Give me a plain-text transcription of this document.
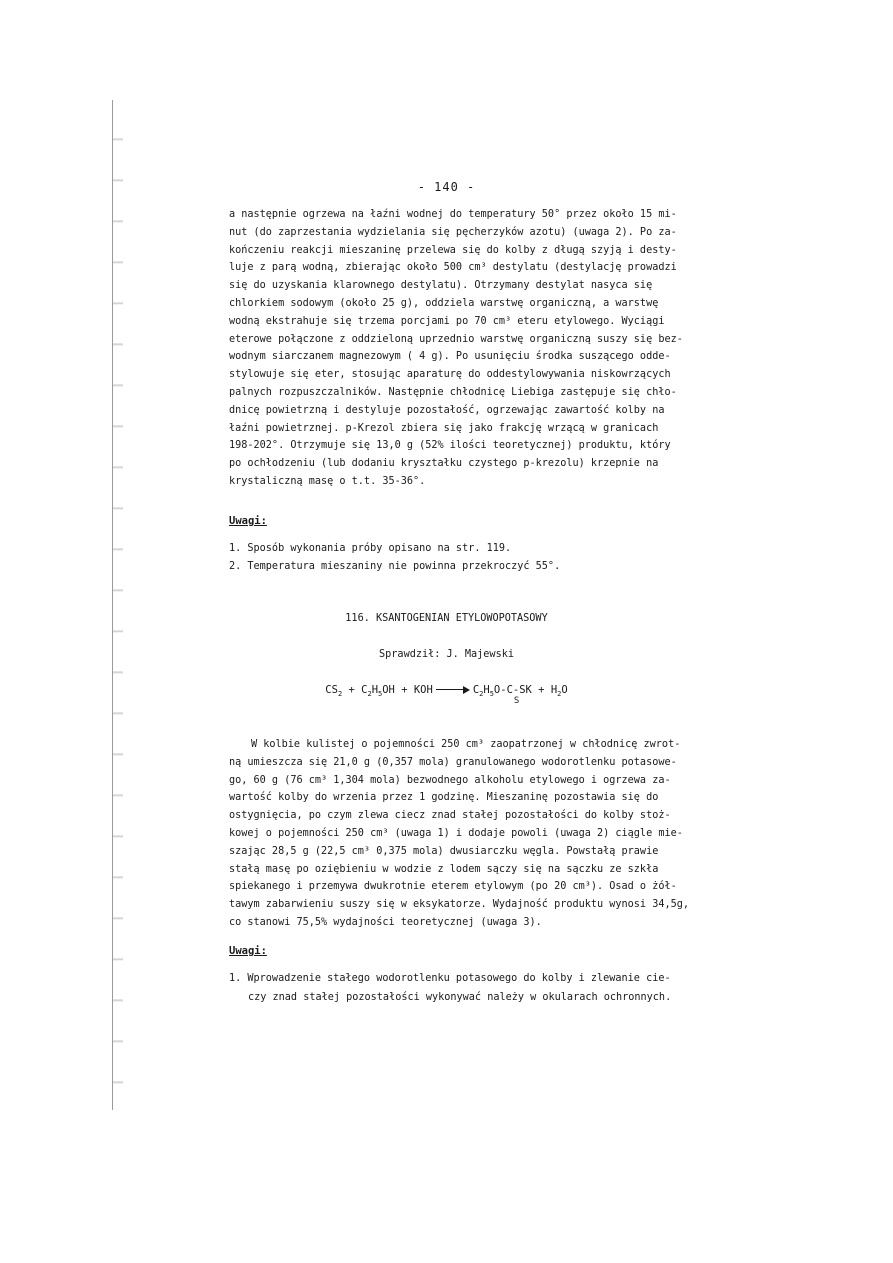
- 140 -
a następnie ogrzewa na łaźni wodnej do temperatury 50° przez około 15 mi-
nut (do zaprzestania wydzielania się pęcherzyków azotu) (uwaga 2). Po za-
kończeniu reakcji mieszaninę przelewa się do kolby z długą szyją i desty-
luje z parą wodną, zbierając około 500 cm³ destylatu (destylację prowadzi
się do uzyskania klarownego destylatu). Otrzymany destylat nasyca się
chlorkiem sodowym (około 25 g), oddziela warstwę organiczną, a warstwę
wodną ekstrahuje się trzema porcjami po 70 cm³ eteru etylowego. Wyciągi
eterowe połączone z oddzieloną uprzednio warstwę organiczną suszy się bez-
wodnym siarczanem magnezowym ( 4 g). Po usunięciu środka suszącego odde-
stylowuje się eter, stosując aparaturę do oddestylowywania niskowrzących
palnych rozpuszczalników. Następnie chłodnicę Liebiga zastępuje się chło-
dnicę powietrzną i destyluje pozostałość, ogrzewając zawartość kolby na
łaźni powietrznej. p-Krezol zbiera się jako frakcję wrzącą w granicach
198-202°. Otrzymuje się 13,0 g (52% ilości teoretycznej) produktu, który
po ochłodzeniu (lub dodaniu kryształku czystego p-krezolu) krzepnie na
krystaliczną masę o t.t. 35-36°.
Uwagi:
1. Sposób wykonania próby opisano na str. 119.
2. Temperatura mieszaniny nie powinna przekroczyć 55°.
116. KSANTOGENIAN ETYLOWOPOTASOWY
Sprawdził: J. Majewski
$CS_2 + C_2H_5OH$ + KOH	$C_2H_5O-C-SK$
S
+ $H_2O$
W kolbie kulistej o pojemności 250 cm³ zaopatrzonej w chłodnicę zwrot-
ną umieszcza się 21,0 g (0,357 mola) granulowanego wodorotlenku potasowe-
go, 60 g (76 cm³ 1,304 mola) bezwodnego alkoholu etylowego i ogrzewa za-
wartość kolby do wrzenia przez 1 godzinę. Mieszaninę pozostawia się do
ostygnięcia, po czym zlewa ciecz znad stałej pozostałości do kolby stoż-
kowej o pojemności 250 cm³ (uwaga 1) i dodaje powoli (uwaga 2) ciągle mie-
szając 28,5 g (22,5 cm³ 0,375 mola) dwusiarczku węgla. Powstałą prawie
stałą masę po oziębieniu w wodzie z lodem sączy się na sączku ze szkła
spiekanego i przemywa dwukrotnie eterem etylowym (po 20 cm³). Osad o żół-
tawym zabarwieniu suszy się w eksykatorze. Wydajność produktu wynosi 34,5g,
co stanowi 75,5% wydajności teoretycznej (uwaga 3).
Uwagi:
1. Wprowadzenie stałego wodorotlenku potasowego do kolby i zlewanie cie-
czy znad stałej pozostałości wykonywać należy w okularach ochronnych.
